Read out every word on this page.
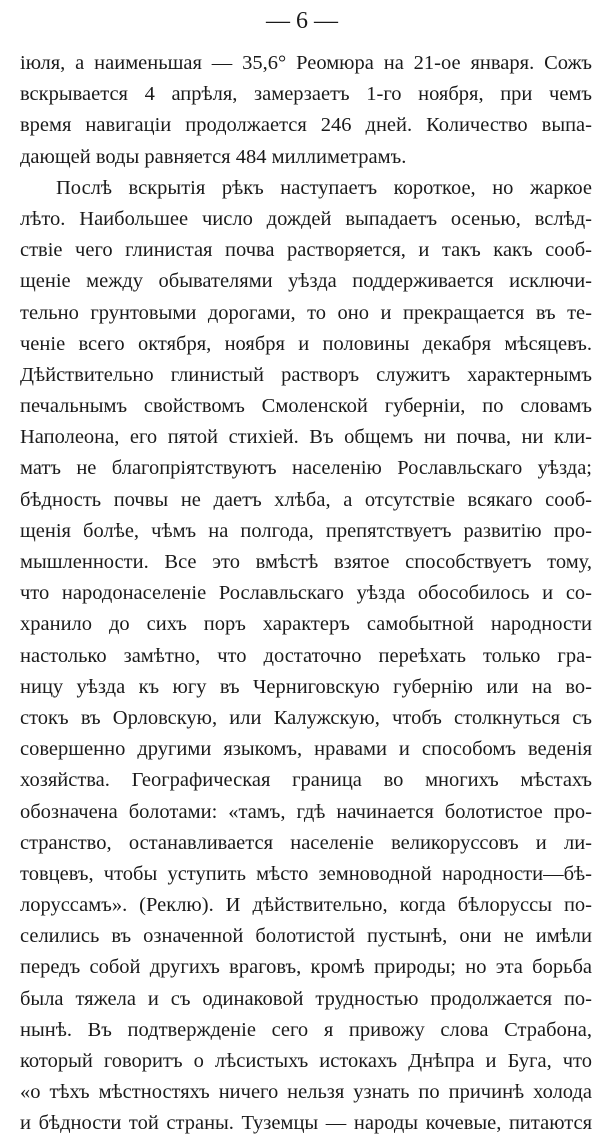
— 6 —
іюля, а наименьшая — 35,6° Реомюра на 21-ое января. Сожъ
вскрывается 4 апрѣля, замерзаетъ 1-го ноября, при чемъ
время навигаціи продолжается 246 дней. Количество выпа-
дающей воды равняется 484 миллиметрамъ.
Послѣ вскрытія рѣкъ наступаетъ короткое, но жаркое
лѣто. Наибольшее число дождей выпадаетъ осенью, вслѣд-
ствіе чего глинистая почва растворяется, и такъ какъ сооб-
щеніе между обывателями уѣзда поддерживается исключи-
тельно грунтовыми дорогами, то оно и прекращается въ те-
ченіе всего октября, ноября и половины декабря мѣсяцевъ.
Дѣйствительно глинистый растворъ служитъ характернымъ
печальнымъ свойствомъ Смоленской губерніи, по словамъ
Наполеона, его пятой стихіей. Въ общемъ ни почва, ни кли-
матъ не благопріятствуютъ населенію Рославльскаго уѣзда;
бѣдность почвы не даетъ хлѣба, а отсутствіе всякаго сооб-
щенія болѣе, чѣмъ на полгода, препятствуетъ развитію про-
мышленности. Все это вмѣстѣ взятое способствуетъ тому,
что народонаселеніе Рославльскаго уѣзда обособилось и со-
хранило до сихъ поръ характеръ самобытной народности
настолько замѣтно, что достаточно переѣхать только гра-
ницу уѣзда къ югу въ Черниговскую губернію или на во-
стокъ въ Орловскую, или Калужскую, чтобъ столкнуться съ
совершенно другими языкомъ, нравами и способомъ веденія
хозяйства. Географическая граница во многихъ мѣстахъ
обозначена болотами: «тамъ, гдѣ начинается болотистое про-
странство, останавливается населеніе великоруссовъ и ли-
товцевъ, чтобы уступить мѣсто земноводной народности—бѣ-
лоруссамъ». (Реклю). И дѣйствительно, когда бѣлоруссы по-
селились въ означенной болотистой пустынѣ, они не имѣли
передъ собой другихъ враговъ, кромѣ природы; но эта борьба
была тяжела и съ одинаковой трудностью продолжается по-
нынѣ. Въ подтвержденіе сего я привожу слова Страбона,
который говоритъ о лѣсистыхъ истокахъ Днѣпра и Буга, что
«о тѣхъ мѣстностяхъ ничего нельзя узнать по причинѣ холода
и бѣдности той страны. Туземцы — народы кочевые, питаются
